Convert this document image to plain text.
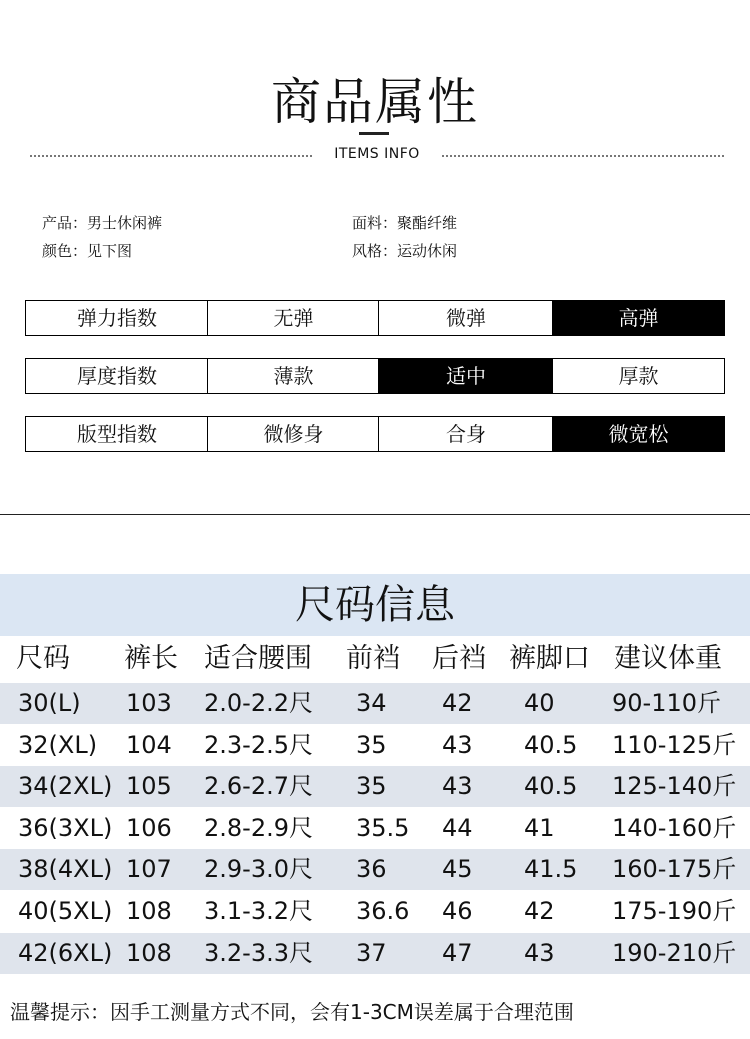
商品属性
ITEMS INFO
产品：男士休闲裤
颜色：见下图
面料：聚酯纤维
风格：运动休闲
弹力指数	无弹	微弹	高弹
厚度指数	薄款	适中	厚款
版型指数	微修身	合身	微宽松
尺码信息
尺码 裤长 适合腰围 前裆 后裆 裤脚口 建议体重
30(L) 103 2.0-2.2尺 34 42 40 90-110斤
32(XL) 104 2.3-2.5尺 35 43 40.5 110-125斤
34(2XL) 105 2.6-2.7尺 35 43 40.5 125-140斤
36(3XL) 106 2.8-2.9尺 35.5 44 41 140-160斤
38(4XL) 107 2.9-3.0尺 36 45 41.5 160-175斤
40(5XL) 108 3.1-3.2尺 36.6 46 42 175-190斤
42(6XL) 108 3.2-3.3尺 37 47 43 190-210斤
温馨提示：因手工测量方式不同，会有1-3CM误差属于合理范围
